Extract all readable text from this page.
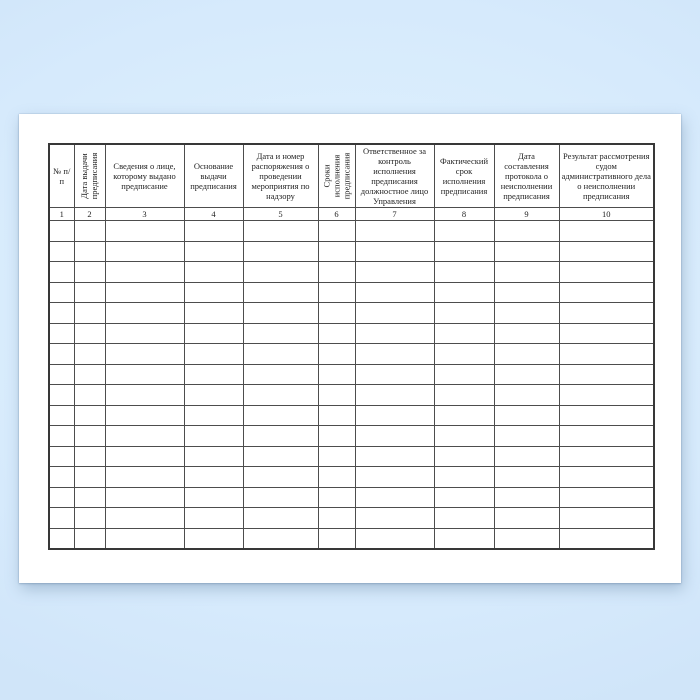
№ п/п	Дата выдачи предписания	Сведения о лице, которому выдано предписание	Основание выдачи предписания	Дата и номер распоряжения о проведении мероприятия по надзору	Сроки исполнения предписания	Ответственное за контроль исполнения предписания должностное лицо Управления	Фактический срок исполнения предписания	Дата составления протокола о неисполнении предписания	Результат рассмотрения судом административного дела о неисполнении предписания
1	2	3	4	5	6	7	8	9	10
